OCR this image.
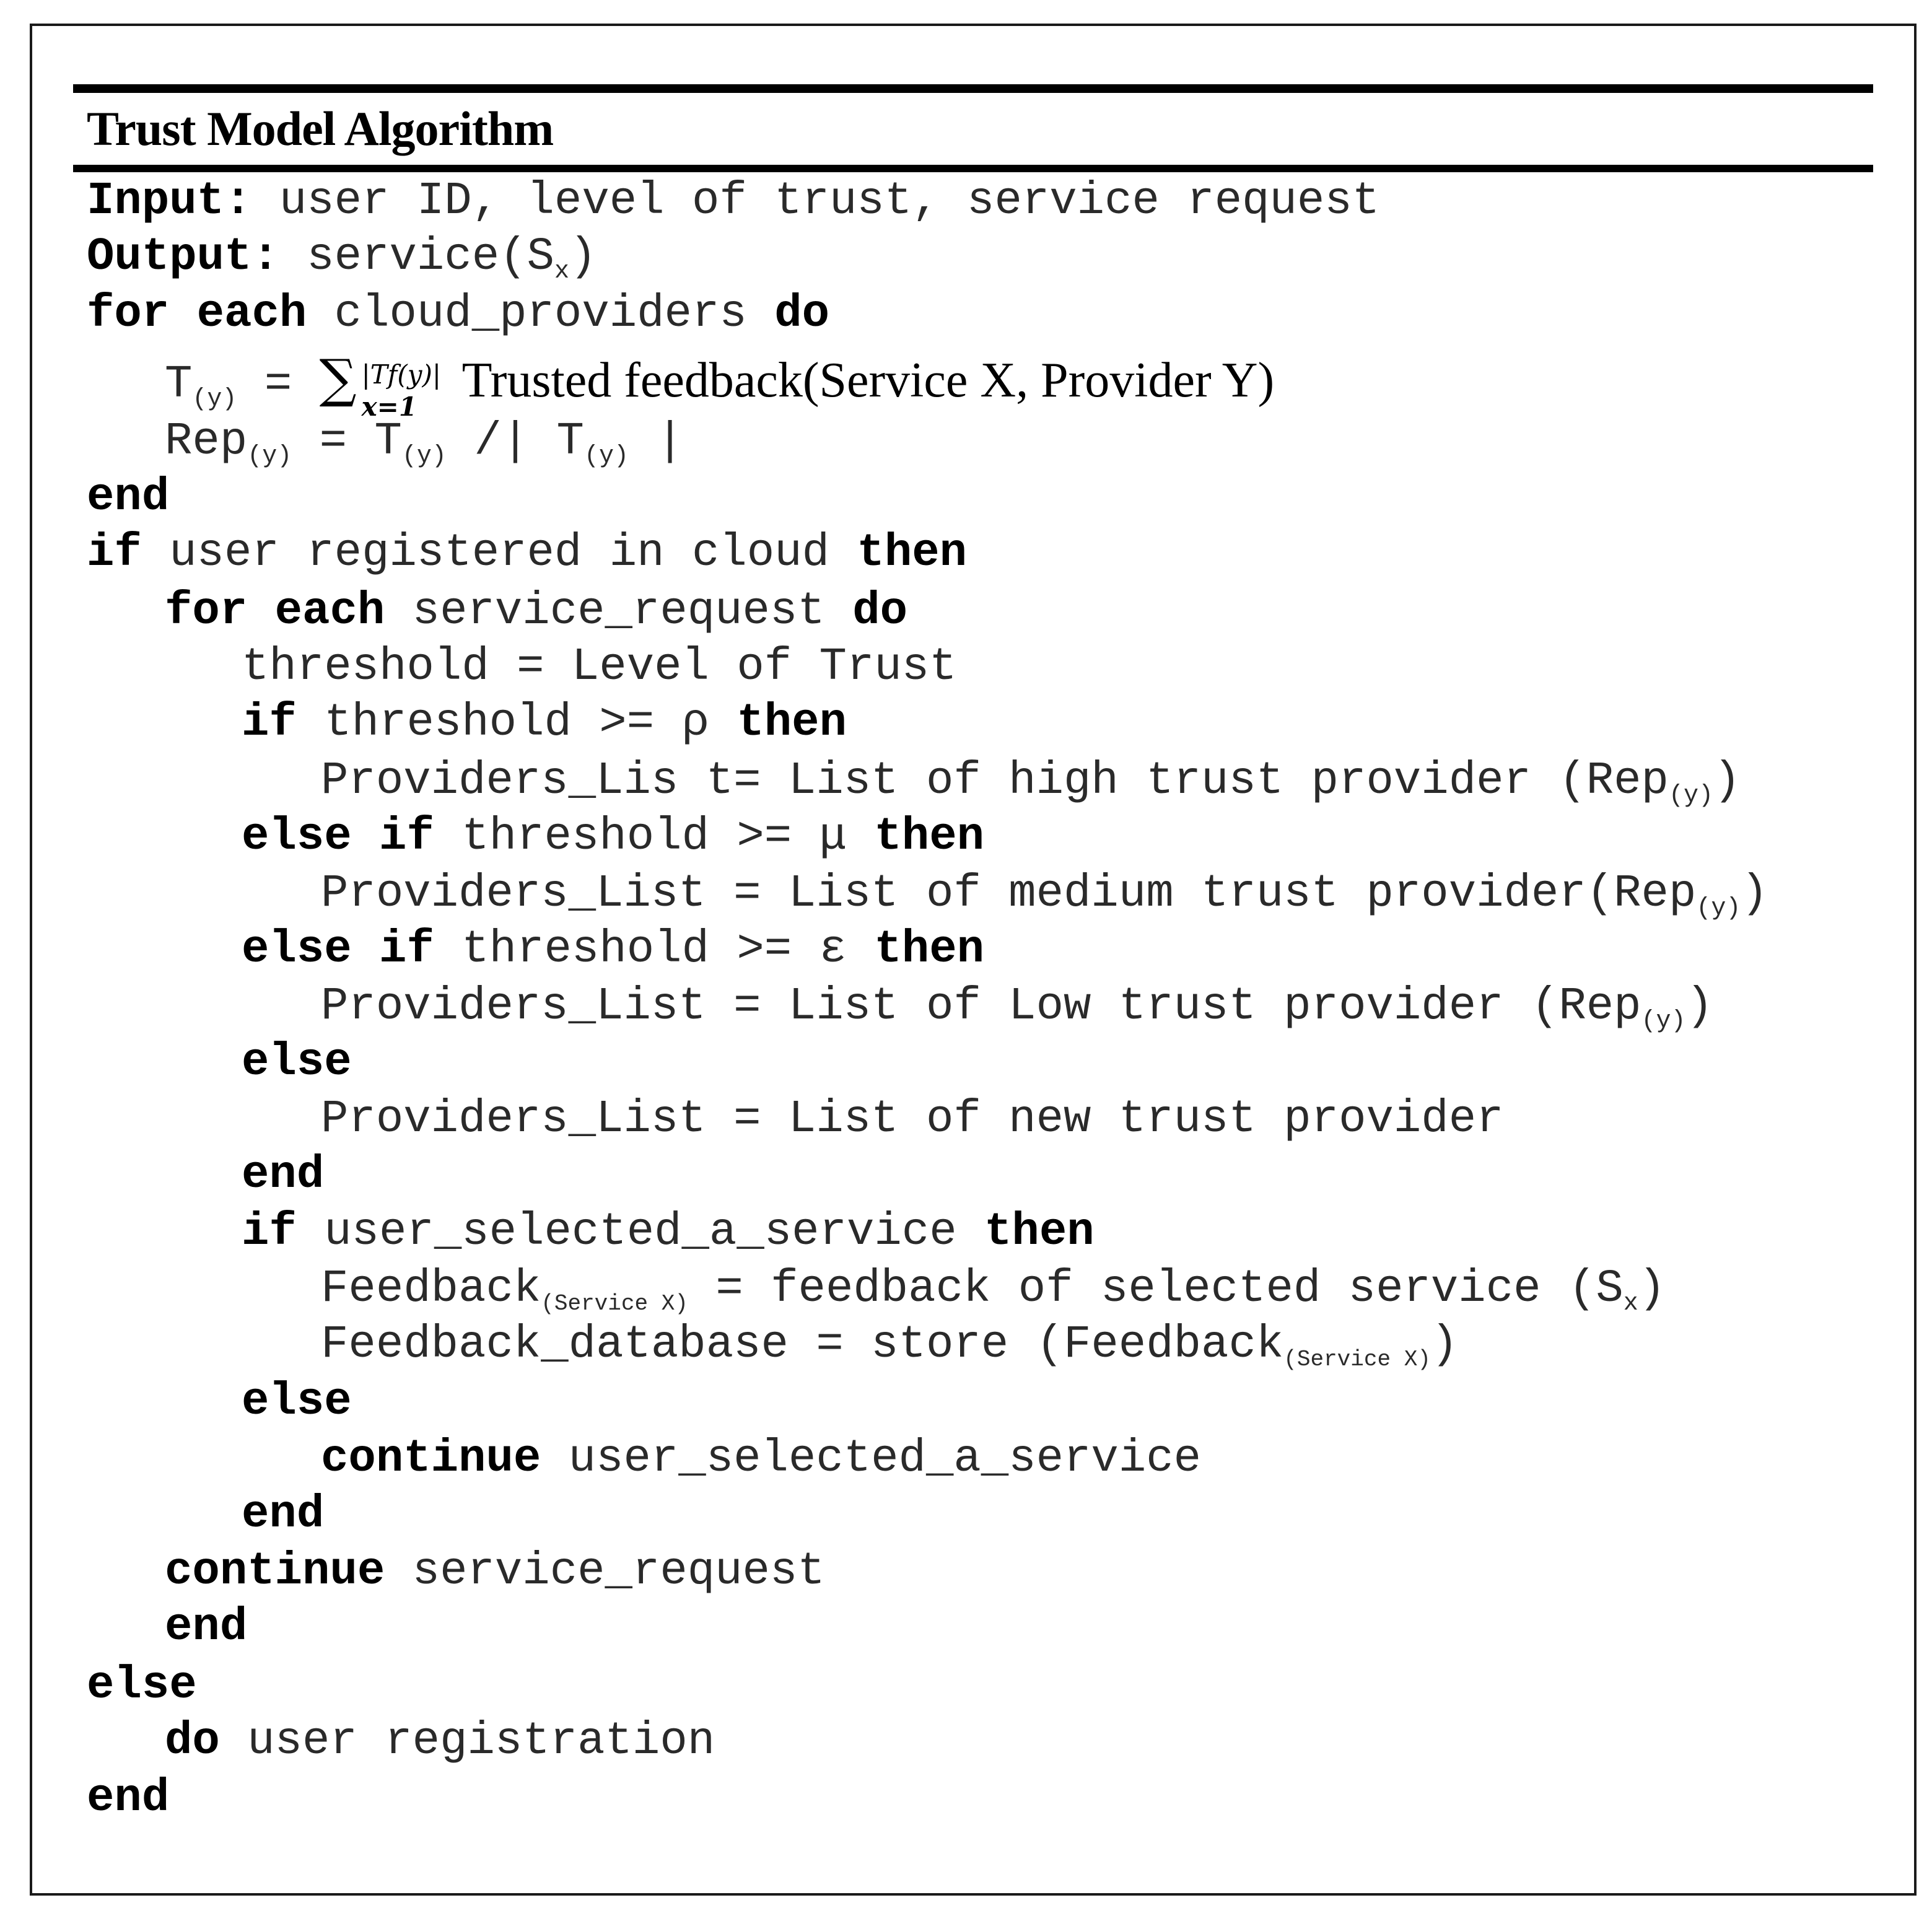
Trust Model Algorithm
Input: user ID, level of trust, service request
Output: $service(S_x)$
for each cloud_providers do
$T_{(y)}$ = ∑ |Tf(y)|
x=1 Trusted feedback(Service X, Provider Y)
$Rep_{(y)} = T_{(y)}$ /| $T_{(y)}$ |
end
if user registered in cloud then
for each service_request do
threshold = Level of Trust
if threshold >= ρ then
Providers_Lis t= List of high trust provider (Rep$_{(y)}$)
else if threshold >= μ then
Providers_List = List of medium trust provider(Rep$_{(y)}$)
else if threshold >= ε then
Providers_List = List of Low trust provider (Rep$_{(y)}$)
else
Providers_List = List of new trust provider
end
if user_selected_a_service then
Feedback(Service X) = feedback of selected service $(S_x)$
Feedback_database = store (Feedback(Service X))
else
continue user_selected_a_service
end
continue service_request
end
else
do user registration
end
